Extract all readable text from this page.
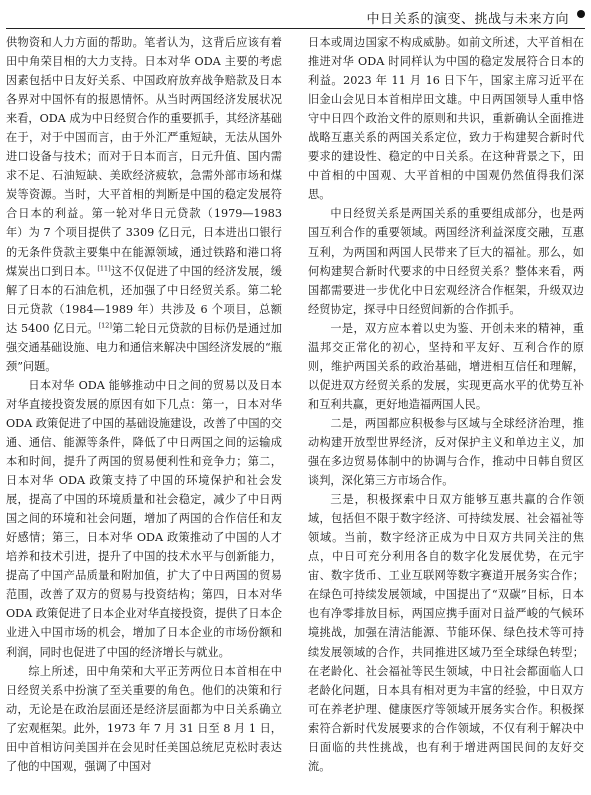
中日关系的演变、挑战与未来方向

供物资和人力方面的帮助。笔者认为，这背后应该有着田中角荣目相的大力支持。日本对华 ODA 主要的考虑因素包括中日友好关系、中国政府放弃战争赔款及日本各界对中国怀有的报恩情怀。从当时两国经济发展状况来看，ODA 成为中日经贸合作的重要抓手，其经济基础在于，对于中国而言，由于外汇严重短缺，无法从国外进口设备与技术；而对于日本而言，日元升值、国内需求不足、石油短缺、美欧经济疲软，急需外部市场和煤炭等资源。当时，大平首相的判断是中国的稳定发展符合日本的利益。第一轮对华日元贷款（1979—1983 年）为 7 个项目提供了 3309 亿日元，日本进出口银行的无条件贷款主要集中在能源领域，通过铁路和港口将煤炭出口到日本。[11]这不仅促进了中国的经济发展，缓解了日本的石油危机，还加强了中日经贸关系。第二轮日元贷款（1984—1989 年）共涉及 6 个项目，总额达 5400 亿日元。[12]第二轮日元贷款的目标仍是通过加强交通基础设施、电力和通信来解决中国经济发展的“瓶颈”问题。

日本对华 ODA 能够推动中日之间的贸易以及日本对华直接投资发展的原因有如下几点：第一，日本对华 ODA 政策促进了中国的基础设施建设，改善了中国的交通、通信、能源等条件，降低了中日两国之间的运输成本和时间，提升了两国的贸易便利性和竞争力；第二，日本对华 ODA 政策支持了中国的环境保护和社会发展，提高了中国的环境质量和社会稳定，减少了中日两国之间的环境和社会问题，增加了两国的合作信任和友好感情；第三，日本对华 ODA 政策推动了中国的人才培养和技术引进，提升了中国的技术水平与创新能力，提高了中国产品质量和附加值，扩大了中日两国的贸易范围，改善了双方的贸易与投资结构；第四，日本对华 ODA 政策促进了日本企业对华直接投资，提供了日本企业进入中国市场的机会，增加了日本企业的市场份额和利润，同时也促进了中国的经济增长与就业。

综上所述，田中角荣和大平正芳两位日本首相在中日经贸关系中扮演了至关重要的角色。他们的决策和行动，无论是在政治层面还是经济层面都为中日关系确立了宏观框架。此外，1973 年 7 月 31 日至 8 月 1 日，田中首相访问美国并在会见时任美国总统尼克松时表达了他的中国观，强调了中国对

日本或周边国家不构成威胁。如前文所述，大平首相在推进对华 ODA 时同样认为中国的稳定发展符合日本的利益。2023 年 11 月 16 日下午，国家主席习近平在旧金山会见日本首相岸田文雄。中日两国领导人重申恪守中日四个政治文件的原则和共识，重新确认全面推进战略互惠关系的两国关系定位，致力于构建契合新时代要求的建设性、稳定的中日关系。在这种背景之下，田中首相的中国观、大平首相的中国观仍然值得我们深思。

中日经贸关系是两国关系的重要组成部分，也是两国互利合作的重要领域。两国经济利益深度交融，互惠互利，为两国和两国人民带来了巨大的福祉。那么，如何构建契合新时代要求的中日经贸关系？整体来看，两国都需要进一步优化中日宏观经济合作框架，升级双边经贸协定，探寻中日经贸间新的合作抓手。

一是，双方应本着以史为鉴、开创未来的精神，重温邦交正常化的初心，坚持和平友好、互利合作的原则，维护两国关系的政治基础，增进相互信任和理解，以促进双方经贸关系的发展，实现更高水平的优势互补和互利共赢，更好地造福两国人民。

二是，两国都应积极参与区域与全球经济治理，推动构建开放型世界经济，反对保护主义和单边主义，加强在多边贸易体制中的协调与合作，推动中日韩自贸区谈判，深化第三方市场合作。

三是，积极探索中日双方能够互惠共赢的合作领域，包括但不限于数字经济、可持续发展、社会福祉等领域。当前，数字经济正成为中日双方共同关注的焦点，中日可充分利用各自的数字化发展优势，在元宇宙、数字货币、工业互联网等数字赛道开展务实合作；在绿色可持续发展领域，中国提出了“双碳”目标，日本也有净零排放目标，两国应携手面对日益严峻的气候环境挑战，加强在清洁能源、节能环保、绿色技术等可持续发展领域的合作，共同推进区域乃至全球绿色转型；在老龄化、社会福祉等民生领域，中日社会都面临人口老龄化问题，日本具有相对更为丰富的经验，中日双方可在养老护理、健康医疗等领域开展务实合作。积极探索符合新时代发展要求的合作领域，不仅有利于解决中日面临的共性挑战，也有利于增进两国民间的友好交流。
